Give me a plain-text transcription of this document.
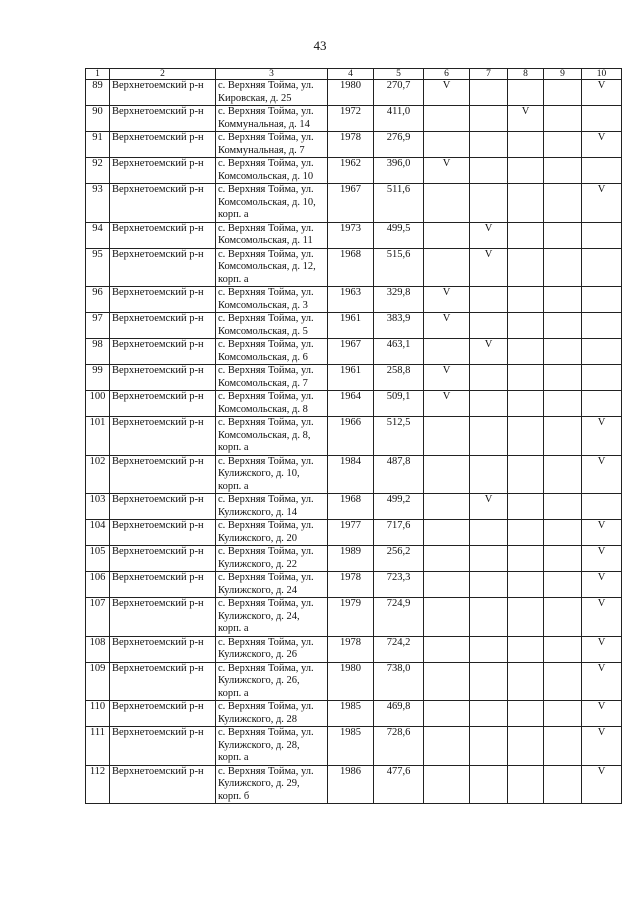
43
1	2	3	4	5	6	7	8	9	10
89	Верхнетоемский р-н	с. Верхняя Тойма, ул.
Кировская, д. 25	1980	270,7	V				V
90	Верхнетоемский р-н	с. Верхняя Тойма, ул.
Коммунальная, д. 14	1972	411,0			V		
91	Верхнетоемский р-н	с. Верхняя Тойма, ул.
Коммунальная, д. 7	1978	276,9					V
92	Верхнетоемский р-н	с. Верхняя Тойма, ул.
Комсомольская, д. 10	1962	396,0	V				
93	Верхнетоемский р-н	с. Верхняя Тойма, ул.
Комсомольская, д. 10,
корп. а	1967	511,6					V
94	Верхнетоемский р-н	с. Верхняя Тойма, ул.
Комсомольская, д. 11	1973	499,5		V			
95	Верхнетоемский р-н	с. Верхняя Тойма, ул.
Комсомольская, д. 12,
корп. а	1968	515,6		V			
96	Верхнетоемский р-н	с. Верхняя Тойма, ул.
Комсомольская, д. 3	1963	329,8	V				
97	Верхнетоемский р-н	с. Верхняя Тойма, ул.
Комсомольская, д. 5	1961	383,9	V				
98	Верхнетоемский р-н	с. Верхняя Тойма, ул.
Комсомольская, д. 6	1967	463,1		V			
99	Верхнетоемский р-н	с. Верхняя Тойма, ул.
Комсомольская, д. 7	1961	258,8	V				
100	Верхнетоемский р-н	с. Верхняя Тойма, ул.
Комсомольская, д. 8	1964	509,1	V				
101	Верхнетоемский р-н	с. Верхняя Тойма, ул.
Комсомольская, д. 8,
корп. а	1966	512,5					V
102	Верхнетоемский р-н	с. Верхняя Тойма, ул.
Кулижского, д. 10,
корп. а	1984	487,8					V
103	Верхнетоемский р-н	с. Верхняя Тойма, ул.
Кулижского, д. 14	1968	499,2		V			
104	Верхнетоемский р-н	с. Верхняя Тойма, ул.
Кулижского, д. 20	1977	717,6					V
105	Верхнетоемский р-н	с. Верхняя Тойма, ул.
Кулижского, д. 22	1989	256,2					V
106	Верхнетоемский р-н	с. Верхняя Тойма, ул.
Кулижского, д. 24	1978	723,3					V
107	Верхнетоемский р-н	с. Верхняя Тойма, ул.
Кулижского, д. 24,
корп. а	1979	724,9					V
108	Верхнетоемский р-н	с. Верхняя Тойма, ул.
Кулижского, д. 26	1978	724,2					V
109	Верхнетоемский р-н	с. Верхняя Тойма, ул.
Кулижского, д. 26,
корп. а	1980	738,0					V
110	Верхнетоемский р-н	с. Верхняя Тойма, ул.
Кулижского, д. 28	1985	469,8					V
111	Верхнетоемский р-н	с. Верхняя Тойма, ул.
Кулижского, д. 28,
корп. а	1985	728,6					V
112	Верхнетоемский р-н	с. Верхняя Тойма, ул.
Кулижского, д. 29,
корп. б	1986	477,6					V
